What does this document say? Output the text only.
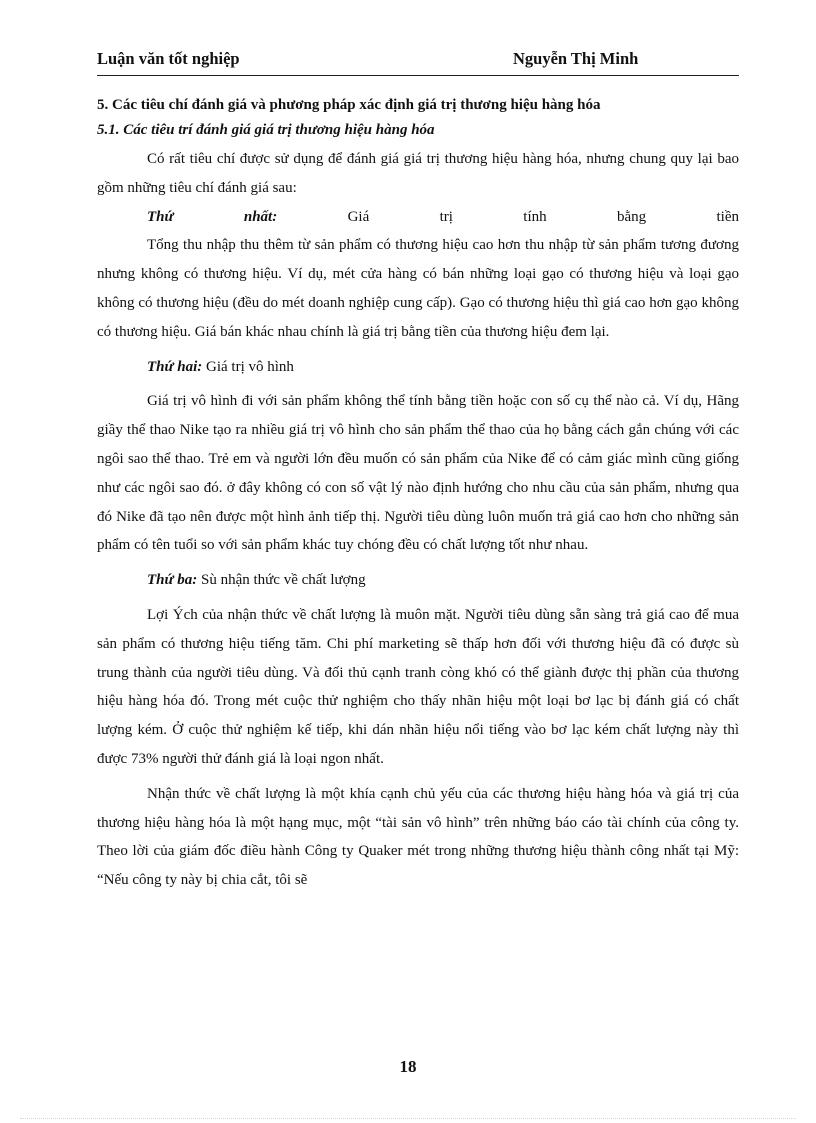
Luận văn tốt nghiệp	Nguyễn Thị Minh
5. Các tiêu chí đánh giá và phương pháp xác định giá trị thương hiệu hàng hóa
5.1. Các tiêu trí đánh giá giá trị thương hiệu hàng hóa

Có rất tiêu chí được sử dụng để đánh giá giá trị thương hiệu hàng hóa, nhưng chung quy lại bao gồm những tiêu chí đánh giá sau:

Thứ nhất:	Giá trị tính bằng tiền

Tổng thu nhập thu thêm từ sản phẩm có thương hiệu cao hơn thu nhập từ sản phẩm tương đương nhưng không có thương hiệu. Ví dụ, mét cửa hàng có bán những loại gạo có thương hiệu và loại gạo không có thương hiệu (đều do mét doanh nghiệp cung cấp). Gạo có thương hiệu thì giá cao hơn gạo không có thương hiệu. Giá bán khác nhau chính là giá trị bằng tiền của thương hiệu đem lại.

Thứ hai: Giá trị vô hình

Giá trị vô hình đi với sản phẩm không thể tính bằng tiền hoặc con số cụ thể nào cả. Ví dụ, Hãng giầy thể thao Nike tạo ra nhiều giá trị vô hình cho sản phẩm thể thao của họ bằng cách gắn chúng với các ngôi sao thể thao. Trẻ em và người lớn đều muốn có sản phẩm của Nike để có cảm giác mình cũng giống như các ngôi sao đó. ở đây không có con số vật lý nào định hướng cho nhu cầu của sản phẩm, nhưng qua đó Nike đã tạo nên được một hình ảnh tiếp thị. Người tiêu dùng luôn muốn trả giá cao hơn cho những sản phẩm có tên tuổi so với sản phẩm khác tuy chóng đều có chất lượng tốt như nhau.

Thứ ba: Sù nhận thức về chất lượng

Lợi Ých của nhận thức về chất lượng là muôn mặt. Người tiêu dùng sẵn sàng trả giá cao để mua sản phẩm có thương hiệu tiếng tăm. Chi phí marketing sẽ thấp hơn đối với thương hiệu đã có được sù trung thành của người tiêu dùng. Và đối thủ cạnh tranh còng khó có thể giành được thị phần của thương hiệu hàng hóa đó. Trong mét cuộc thử nghiệm cho thấy nhãn hiệu một loại bơ lạc bị đánh giá có chất lượng kém. Ở cuộc thử nghiệm kế tiếp, khi dán nhãn hiệu nổi tiếng vào bơ lạc kém chất lượng này thì được 73% người thử đánh giá là loại ngon nhất.

Nhận thức về chất lượng là một khía cạnh chủ yếu của các thương hiệu hàng hóa và giá trị của thương hiệu hàng hóa là một hạng mục, một “tài sản vô hình” trên những báo cáo tài chính của công ty. Theo lời của giám đốc điều hành Công ty Quaker mét trong những thương hiệu thành công nhất tại Mỹ: “Nếu công ty này bị chia cắt, tôi sẽ

18
